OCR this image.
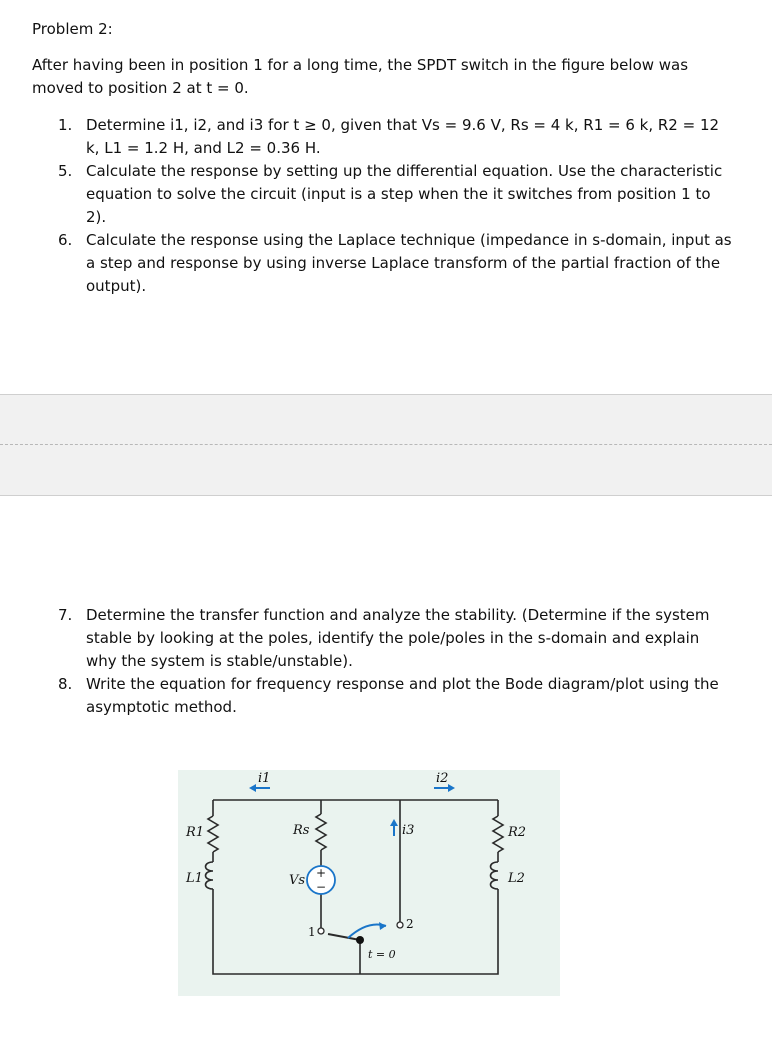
Problem 2:
After having been in position 1 for a long time, the SPDT switch in the figure below was moved to position 2 at t = 0.
1. Determine i1, i2, and i3 for t ≥ 0, given that Vs = 9.6 V, Rs = 4 k, R1 = 6 k, R2 = 12 k, L1 = 1.2 H, and L2 = 0.36 H.
5. Calculate the response by setting up the differential equation. Use the characteristic equation to solve the circuit (input is a step when the it switches from position 1 to 2).
6. Calculate the response using the Laplace technique (impedance in s-domain, input as a step and response by using inverse Laplace transform of the partial fraction of the output).
7. Determine the transfer function and analyze the stability. (Determine if the system stable by looking at the poles, identify the pole/poles in the s-domain and explain why the system is stable/unstable).
8. Write the equation for frequency response and plot the Bode diagram/plot using the asymptotic method.
+
−
i1	i2
i3
R1
L1
Rs
Vs
R2
L2
1
2
t = 0
